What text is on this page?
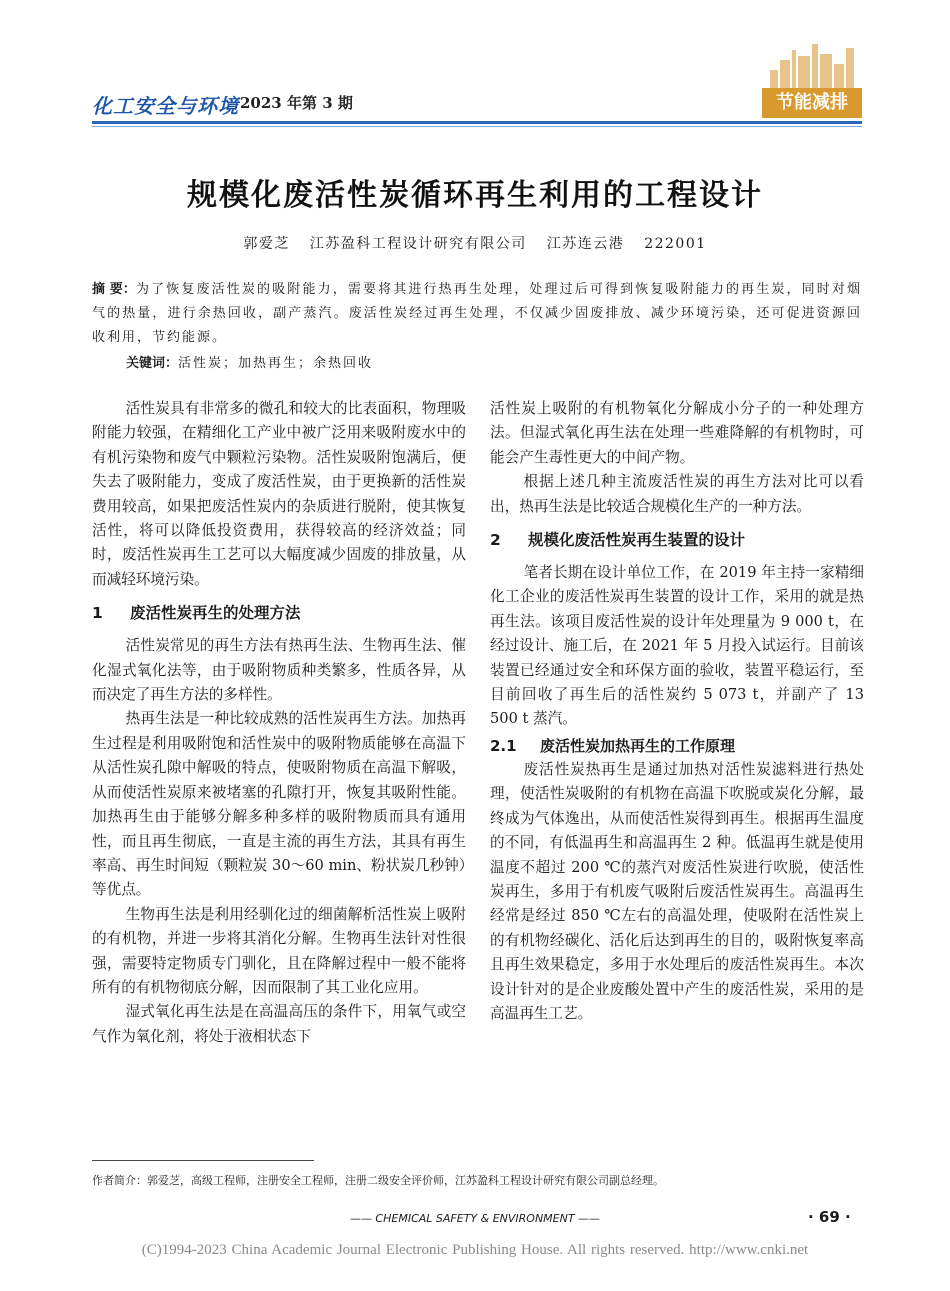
化工安全与环境 2023 年第 3 期	节能减排
规模化废活性炭循环再生利用的工程设计
郭爱芝 江苏盈科工程设计研究有限公司 江苏连云港 222001
摘 要：为了恢复废活性炭的吸附能力，需要将其进行热再生处理，处理过后可得到恢复吸附能力的再生炭，同时对烟气的热量，进行余热回收，副产蒸汽。废活性炭经过再生处理，不仅减少固废排放、减少环境污染，还可促进资源回收利用，节约能源。
关键词：活性炭；加热再生；余热回收

活性炭具有非常多的微孔和较大的比表面积，物理吸附能力较强，在精细化工产业中被广泛用来吸附废水中的有机污染物和废气中颗粒污染物。活性炭吸附饱满后，便失去了吸附能力，变成了废活性炭，由于更换新的活性炭费用较高，如果把废活性炭内的杂质进行脱附，使其恢复活性，将可以降低投资费用，获得较高的经济效益；同时，废活性炭再生工艺可以大幅度减少固废的排放量，从而减轻环境污染。

1 废活性炭再生的处理方法

活性炭常见的再生方法有热再生法、生物再生法、催化湿式氧化法等，由于吸附物质种类繁多，性质各异，从而决定了再生方法的多样性。

热再生法是一种比较成熟的活性炭再生方法。加热再生过程是利用吸附饱和活性炭中的吸附物质能够在高温下从活性炭孔隙中解吸的特点，使吸附物质在高温下解吸，从而使活性炭原来被堵塞的孔隙打开，恢复其吸附性能。加热再生由于能够分解多种多样的吸附物质而具有通用性，而且再生彻底，一直是主流的再生方法，其具有再生率高、再生时间短（颗粒炭 30～60 min、粉状炭几秒钟）等优点。

生物再生法是利用经驯化过的细菌解析活性炭上吸附的有机物，并进一步将其消化分解。生物再生法针对性很强，需要特定物质专门驯化，且在降解过程中一般不能将所有的有机物彻底分解，因而限制了其工业化应用。

湿式氧化再生法是在高温高压的条件下，用氧气或空气作为氧化剂，将处于液相状态下

活性炭上吸附的有机物氧化分解成小分子的一种处理方法。但湿式氧化再生法在处理一些难降解的有机物时，可能会产生毒性更大的中间产物。

根据上述几种主流废活性炭的再生方法对比可以看出，热再生法是比较适合规模化生产的一种方法。

2 规模化废活性炭再生装置的设计

笔者长期在设计单位工作，在 2019 年主持一家精细化工企业的废活性炭再生装置的设计工作，采用的就是热再生法。该项目废活性炭的设计年处理量为 9 000 t，在经过设计、施工后，在 2021 年 5 月投入试运行。目前该装置已经通过安全和环保方面的验收，装置平稳运行，至目前回收了再生后的活性炭约 5 073 t，并副产了 13 500 t 蒸汽。

2.1 废活性炭加热再生的工作原理

废活性炭热再生是通过加热对活性炭滤料进行热处理，使活性炭吸附的有机物在高温下吹脱或炭化分解，最终成为气体逸出，从而使活性炭得到再生。根据再生温度的不同，有低温再生和高温再生 2 种。低温再生就是使用温度不超过 200 ℃的蒸汽对废活性炭进行吹脱，使活性炭再生，多用于有机废气吸附后废活性炭再生。高温再生经常是经过 850 ℃左右的高温处理，使吸附在活性炭上的有机物经碳化、活化后达到再生的目的，吸附恢复率高且再生效果稳定，多用于水处理后的废活性炭再生。本次设计针对的是企业废酸处置中产生的废活性炭，采用的是高温再生工艺。

作者简介：郭爱芝，高级工程师，注册安全工程师，注册二级安全评价师，江苏盈科工程设计研究有限公司副总经理。
—— CHEMICAL SAFETY & ENVIRONMENT ——	· 69 ·
(C)1994-2023 China Academic Journal Electronic Publishing House. All rights reserved. http://www.cnki.net
